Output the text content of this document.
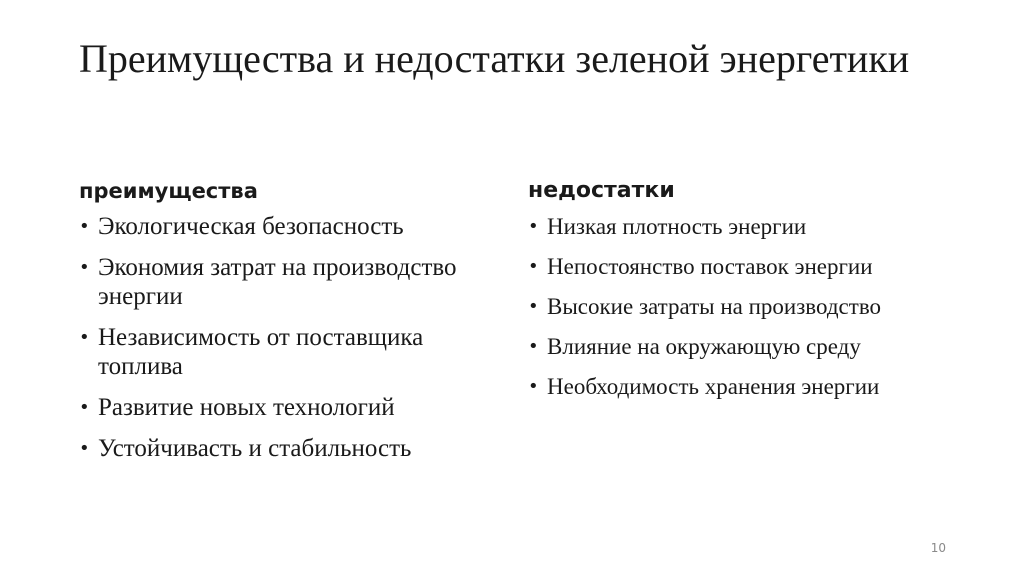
Преимущества и недостатки зеленой энергетики
преимущества
• Экологическая безопасность
• Экономия затрат на производство энергии
• Независимость от поставщика топлива
• Развитие новых технологий
• Устойчивасть и стабильность
недостатки
• Низкая плотность энергии
• Непостоянство поставок энергии
• Высокие затраты на производство
• Влияние на окружающую среду
• Необходимость хранения энергии
10
